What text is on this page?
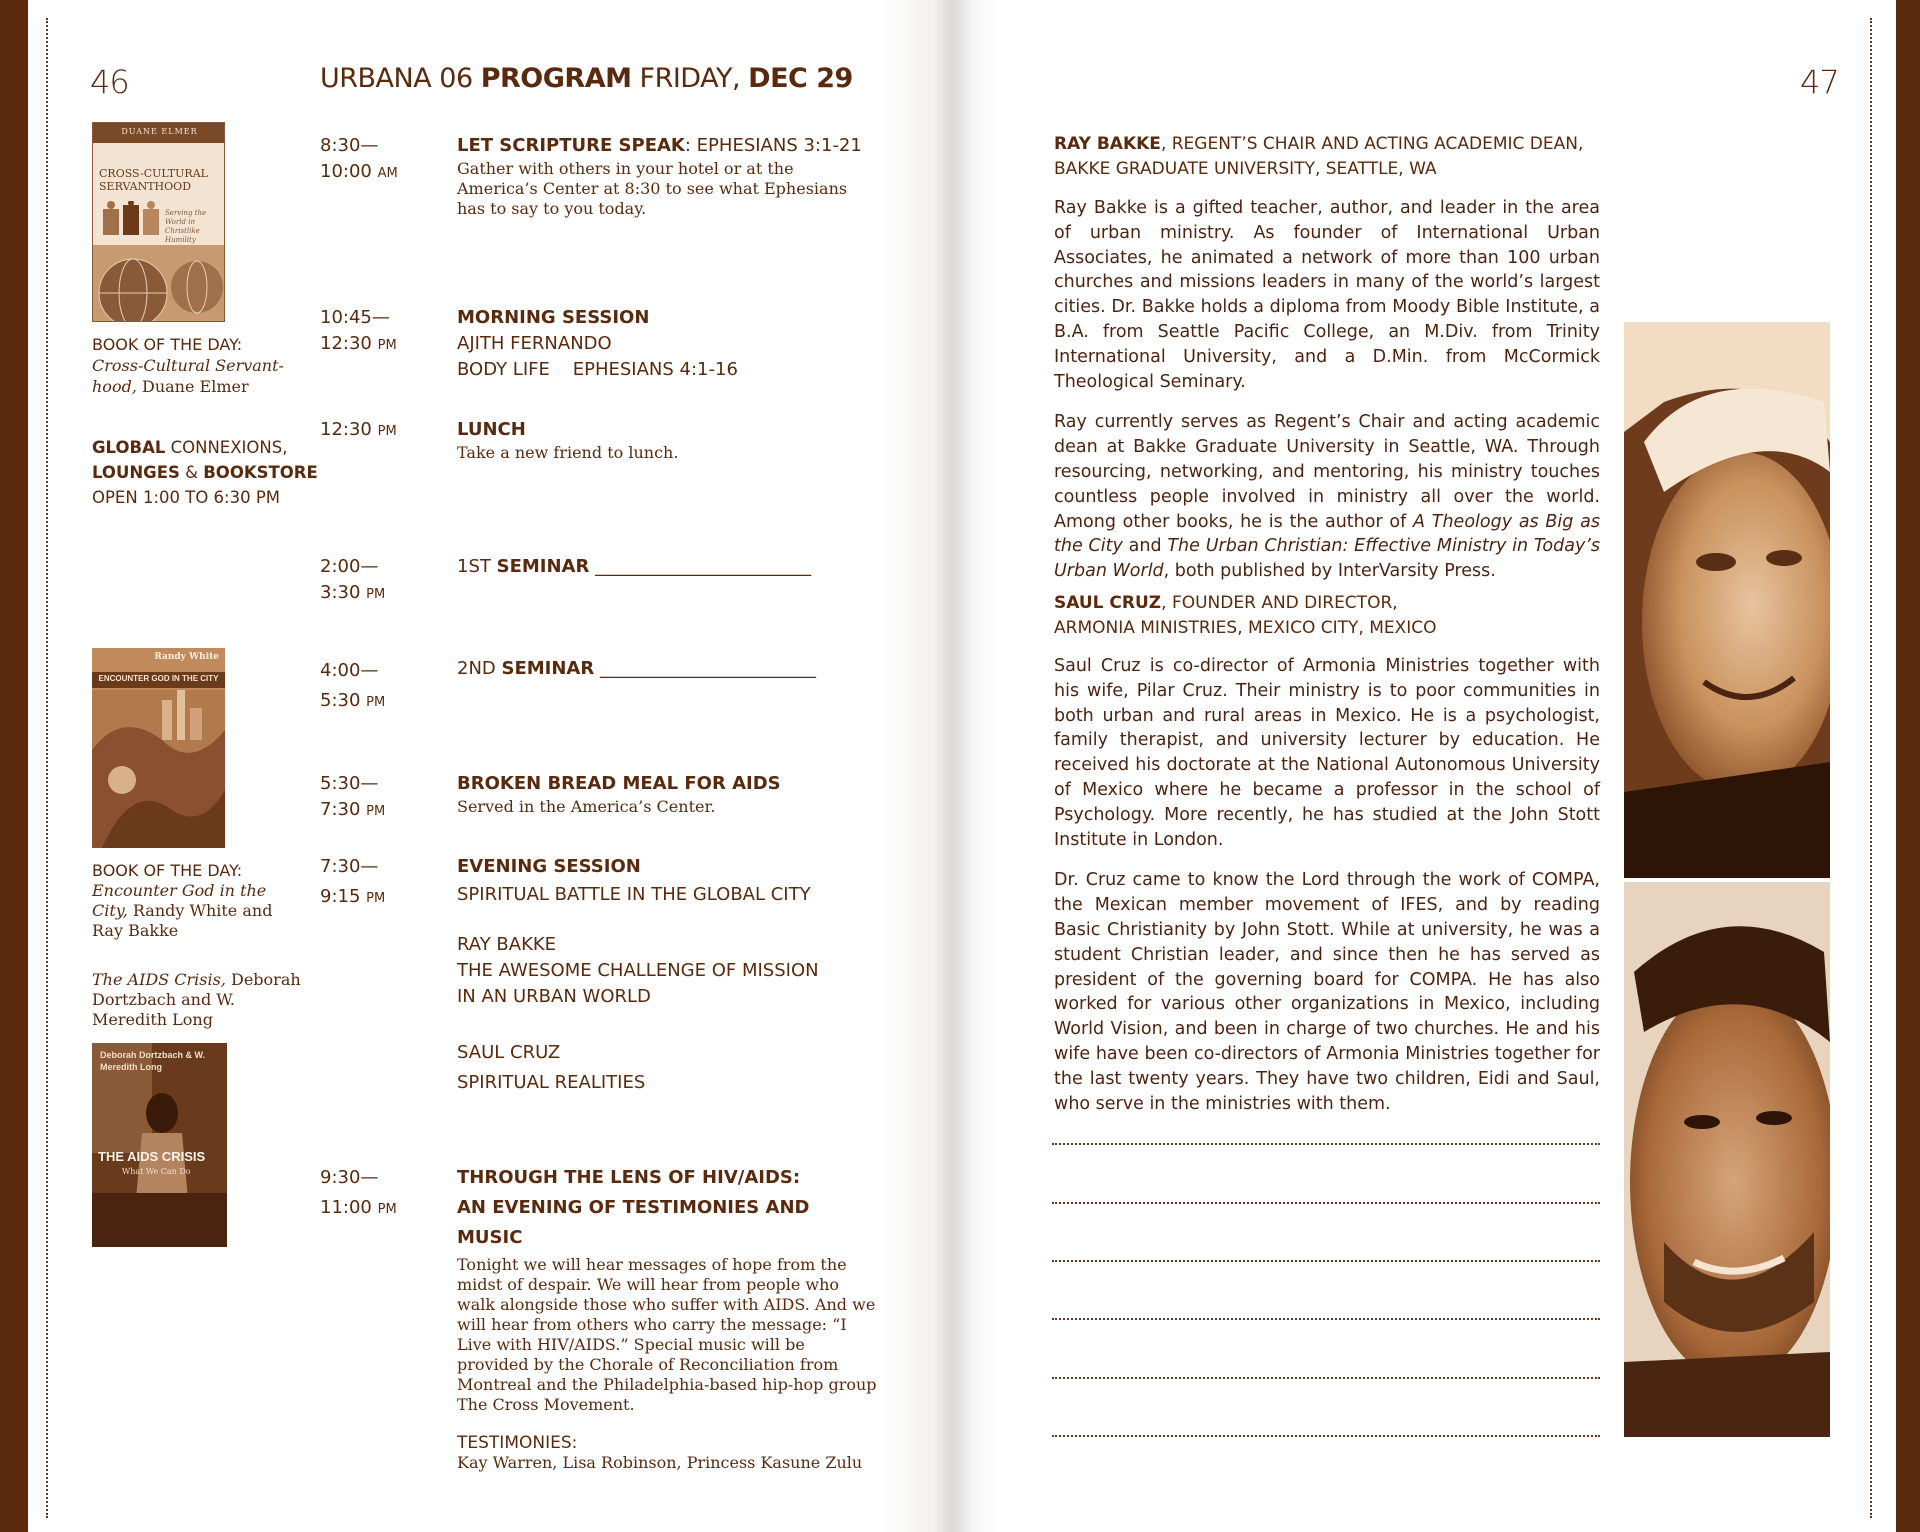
46	47
URBANA 06 PROGRAM FRIDAY, DEC 29
DUANE ELMER
CROSS-CULTURAL SERVANTHOOD
Serving the World in Christlike Humility
BOOK OF THE DAY:
Cross-Cultural Servant-hood, Duane Elmer
GLOBAL CONNEXIONS,
LOUNGES & BOOKSTORE
OPEN 1:00 TO 6:30 PM
Randy White
ENCOUNTER GOD IN THE CITY
BOOK OF THE DAY:
Encounter God in the City, Randy White and Ray Bakke
The AIDS Crisis, Deborah Dortzbach and W. Meredith Long
Deborah Dortzbach & W. Meredith Long
THE AIDS CRISIS
What We Can Do
8:30—
10:00 AM
LET SCRIPTURE SPEAK: EPHESIANS 3:1-21
Gather with others in your hotel or at the America’s Center at 8:30 to see what Ephesians has to say to you today.
10:45—
12:30 PM
MORNING SESSION
AJITH FERNANDO
BODY LIFE    EPHESIANS 4:1-16
12:30 PM	LUNCH
Take a new friend to lunch.
2:00—
3:30 PM
1ST SEMINAR ________________________
4:00—
5:30 PM
2ND SEMINAR ________________________
5:30—
7:30 PM
BROKEN BREAD MEAL FOR AIDS
Served in the America’s Center.
7:30—
9:15 PM
EVENING SESSION
SPIRITUAL BATTLE IN THE GLOBAL CITY
RAY BAKKE
THE AWESOME CHALLENGE OF MISSION
IN AN URBAN WORLD
SAUL CRUZ
SPIRITUAL REALITIES
9:30—
11:00 PM
THROUGH THE LENS OF HIV/AIDS:
AN EVENING OF TESTIMONIES AND MUSIC
Tonight we will hear messages of hope from the midst of despair. We will hear from people who walk alongside those who suffer with AIDS. And we will hear from others who carry the message: “I Live with HIV/AIDS.” Special music will be provided by the Chorale of Reconciliation from Montreal and the Philadelphia-based hip-hop group The Cross Movement.
TESTIMONIES:
Kay Warren, Lisa Robinson, Princess Kasune Zulu
RAY BAKKE, REGENT’S CHAIR AND ACTING ACADEMIC DEAN,
BAKKE GRADUATE UNIVERSITY, SEATTLE, WA

Ray Bakke is a gifted teacher, author, and leader in the area of urban ministry. As founder of International Urban Associates, he animated a network of more than 100 urban churches and missions leaders in many of the world’s largest cities. Dr. Bakke holds a diploma from Moody Bible Institute, a B.A. from Seattle Pacific College, an M.Div. from Trinity International University, and a D.Min. from McCormick Theological Seminary.

Ray currently serves as Regent’s Chair and acting academic dean at Bakke Graduate University in Seattle, WA. Through resourcing, networking, and mentoring, his ministry touches countless people involved in ministry all over the world. Among other books, he is the author of A Theology as Big as the City and The Urban Christian: Effective Ministry in Today’s Urban World, both published by InterVarsity Press.

SAUL CRUZ, FOUNDER AND DIRECTOR,
ARMONIA MINISTRIES, MEXICO CITY, MEXICO

Saul Cruz is co-director of Armonia Ministries together with his wife, Pilar Cruz. Their ministry is to poor communities in both urban and rural areas in Mexico. He is a psychologist, family therapist, and university lecturer by education. He received his doctorate at the National Autonomous University of Mexico where he became a professor in the school of Psychology. More recently, he has studied at the John Stott Institute in London.

Dr. Cruz came to know the Lord through the work of COMPA, the Mexican member movement of IFES, and by reading Basic Christianity by John Stott. While at university, he was a student Christian leader, and since then he has served as president of the governing board for COMPA. He has also worked for various other organizations in Mexico, including World Vision, and been in charge of two churches. He and his wife have been co-directors of Armonia Ministries together for the last twenty years. They have two children, Eidi and Saul, who serve in the ministries with them.
